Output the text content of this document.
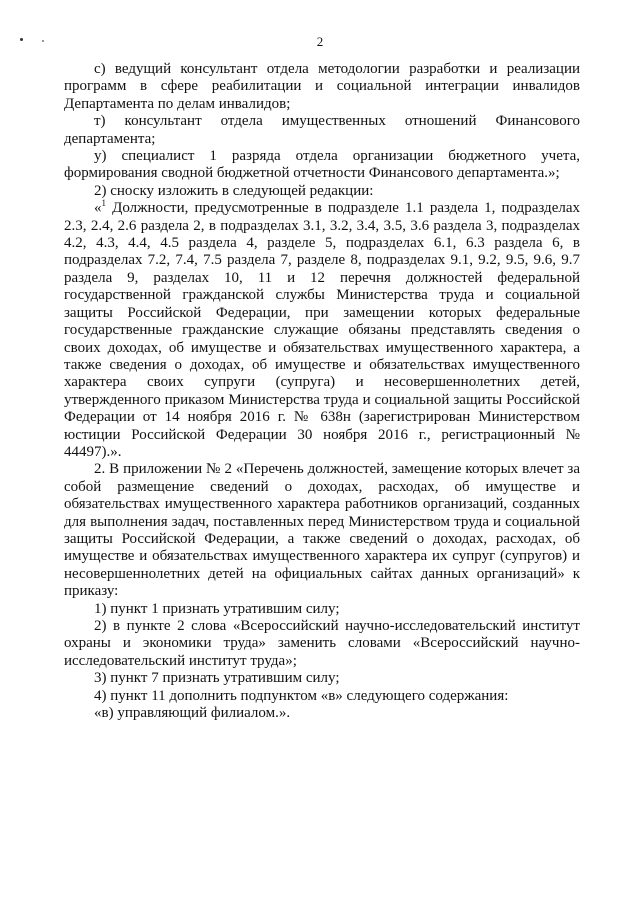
2

с) ведущий консультант отдела методологии разработки и реализации программ в сфере реабилитации и социальной интеграции инвалидов Департамента по делам инвалидов;

т) консультант отдела имущественных отношений Финансового департамента;

у) специалист 1 разряда отдела организации бюджетного учета, формирования сводной бюджетной отчетности Финансового департамента.»;

2) сноску изложить в следующей редакции:

«$^1$ Должности, предусмотренные в подразделе 1.1 раздела 1, подразделах 2.3, 2.4, 2.6 раздела 2, в подразделах 3.1, 3.2, 3.4, 3.5, 3.6 раздела 3, подразделах 4.2, 4.3, 4.4, 4.5 раздела 4, разделе 5, подразделах 6.1, 6.3 раздела 6, в подразделах 7.2, 7.4, 7.5 раздела 7, разделе 8, подразделах 9.1, 9.2, 9.5, 9.6, 9.7 раздела 9, разделах 10, 11 и 12 перечня должностей федеральной государственной гражданской службы Министерства труда и социальной защиты Российской Федерации, при замещении которых федеральные государственные гражданские служащие обязаны представлять сведения о своих доходах, об имуществе и обязательствах имущественного характера, а также сведения о доходах, об имуществе и обязательствах имущественного характера своих супруги (супруга) и несовершеннолетних детей, утвержденного приказом Министерства труда и социальной защиты Российской Федерации от 14 ноября 2016 г. № 638н (зарегистрирован Министерством юстиции Российской Федерации 30 ноября 2016 г., регистрационный № 44497).».

2. В приложении № 2 «Перечень должностей, замещение которых влечет за собой размещение сведений о доходах, расходах, об имуществе и обязательствах имущественного характера работников организаций, созданных для выполнения задач, поставленных перед Министерством труда и социальной защиты Российской Федерации, а также сведений о доходах, расходах, об имуществе и обязательствах имущественного характера их супруг (супругов) и несовершеннолетних детей на официальных сайтах данных организаций» к приказу:

1) пункт 1 признать утратившим силу;

2) в пункте 2 слова «Всероссийский научно-исследовательский институт охраны и экономики труда» заменить словами «Всероссийский научно-исследовательский институт труда»;

3) пункт 7 признать утратившим силу;

4) пункт 11 дополнить подпунктом «в» следующего содержания:

«в) управляющий филиалом.».
